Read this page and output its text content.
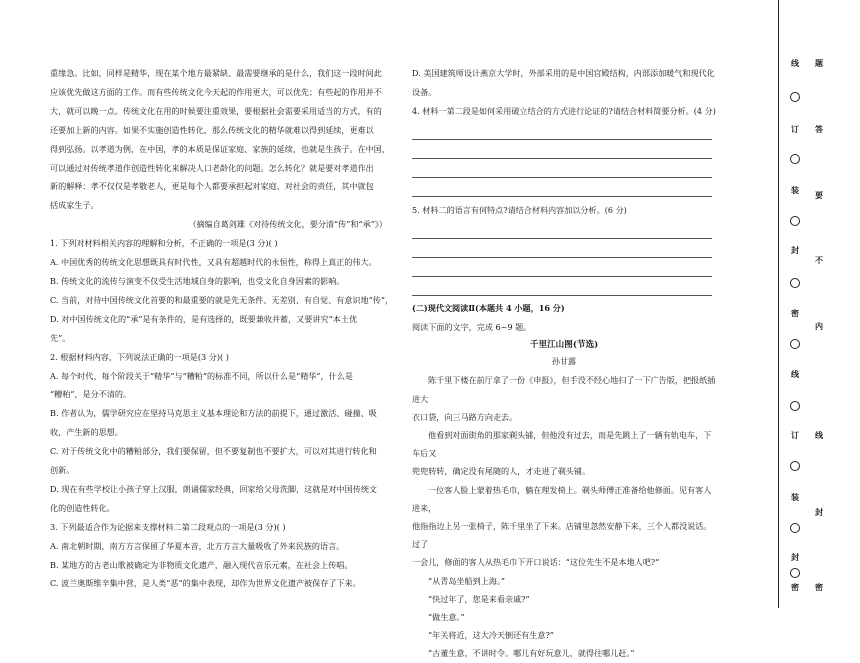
重缘急。比如，同样是精华，现在某个地方最紧缺、最需要继承的是什么，我们这一段时间此
应该优先做这方面的工作。而有些传统文化今天起的作用更大，可以优先；有些起的作用并不
大，就可以晚一点。传统文化在用的时候要注重效果，要根据社会需要采用适当的方式，有的
还要加上新的内容。如果不实施创造性转化，那么传统文化的精华就难以得到延续，更难以
得到弘扬。以孝道为例，在中国，孝的本质是保证家庭、家族的延续，也就是生孩子。在中国，
可以通过对传统孝道作创造性转化来解决人口老龄化的问题。怎么转化？就是要对孝道作出
新的解释：孝不仅仅是孝敬老人，更是每个人都要承担起对家庭、对社会的责任，其中就包
括成家生子。
（摘编自葛剑雄《对待传统文化，要分清“传”和“承”》）
1. 下列对材料相关内容的理解和分析，不正确的一项是(3 分)( )
A. 中国优秀的传统文化思想既具有时代性，又具有超越时代的永恒性，称得上真正的伟大。
B. 传统文化的流传与演变不仅受生活地域自身的影响，也受文化自身因素的影响。
C. 当前，对待中国传统文化首要的和最重要的就是先无条件、无差别、有自觉、有意识地“传”，
D. 对中国传统文化的“承”是有条件的，是有选择的，既要兼收并蓄，又要讲究“本土优
先”。
2. 根据材料内容，下列说法正确的一项是(3 分)( )
A. 每个时代、每个阶段关于“精华”与“糟粕”的标准不同，所以什么是“精华”，什么是
“糟粕”，是分不清的。
B. 作者认为，儒学研究应在坚持马克思主义基本理论和方法的前提下，通过激活、碰撞、吸
收，产生新的思想。
C. 对于传统文化中的糟粕部分，我们要保留，但不要复制也不要扩大，可以对其进行转化和
创新。
D. 现在有些学校让小孩子穿上汉服，朗诵儒家经典，回家给父母洗脚，这就是对中国传统文
化的创造性转化。
3. 下列最适合作为论据来支撑材料二第二段观点的一项是(3 分)( )
A. 南北朝时期，南方方言保留了华夏本音，北方方言大量吸收了外来民族的语言。
B. 某地方的古老山歌被确定为非物质文化遗产，融入现代音乐元素，在社会上传唱。
C. 波兰奥斯维辛集中营，是人类“恶”的集中表现，却作为世界文化遗产被保存了下来。
D. 美国建筑师设计燕京大学时，外部采用的是中国宫殿结构，内部添加暖气和现代化设备。
4. 材料一第二段是如何采用破立结合的方式进行论证的?请结合材料简要分析。(4 分)
5. 材料二的语言有何特点?请结合材料内容加以分析。(6 分)
(二)现代文阅读Ⅱ(本题共 4 小题，16 分)
阅读下面的文字，完成 6~9 题。
千里江山图(节选)
孙甘露
陈千里下楼在前厅拿了一份《申报》，但手没不经心地扫了一下广告版，把报纸插进大
衣口袋，向三马路方向走去。
他看到对面街角的那家剃头铺，但他没有过去，而是先跳上了一辆有轨电车，下车后又
兜兜转转，确定没有尾随的人，才走进了剃头铺。
一位客人脸上蒙着热毛巾，躺在理发椅上。剃头师傅正准备给他修面。见有客人进来，
他指指边上另一张椅子，陈千里坐了下来。店铺里忽然安静下来，三个人都没说话。过了
一会儿，修面的客人从热毛巾下开口说话：“这位先生不是本地人吧?”
“从青岛坐船到上海。”
“快过年了，您是来看亲戚?”
“做生意。”
“年关将近，这大冷天倒还有生意?”
“古董生意，不讲时令。哪儿有好玩意儿，就得往哪儿赶。”
线
订
装
封
密
线
订
装
封
密
题
答
要
不
内
线
封
密
